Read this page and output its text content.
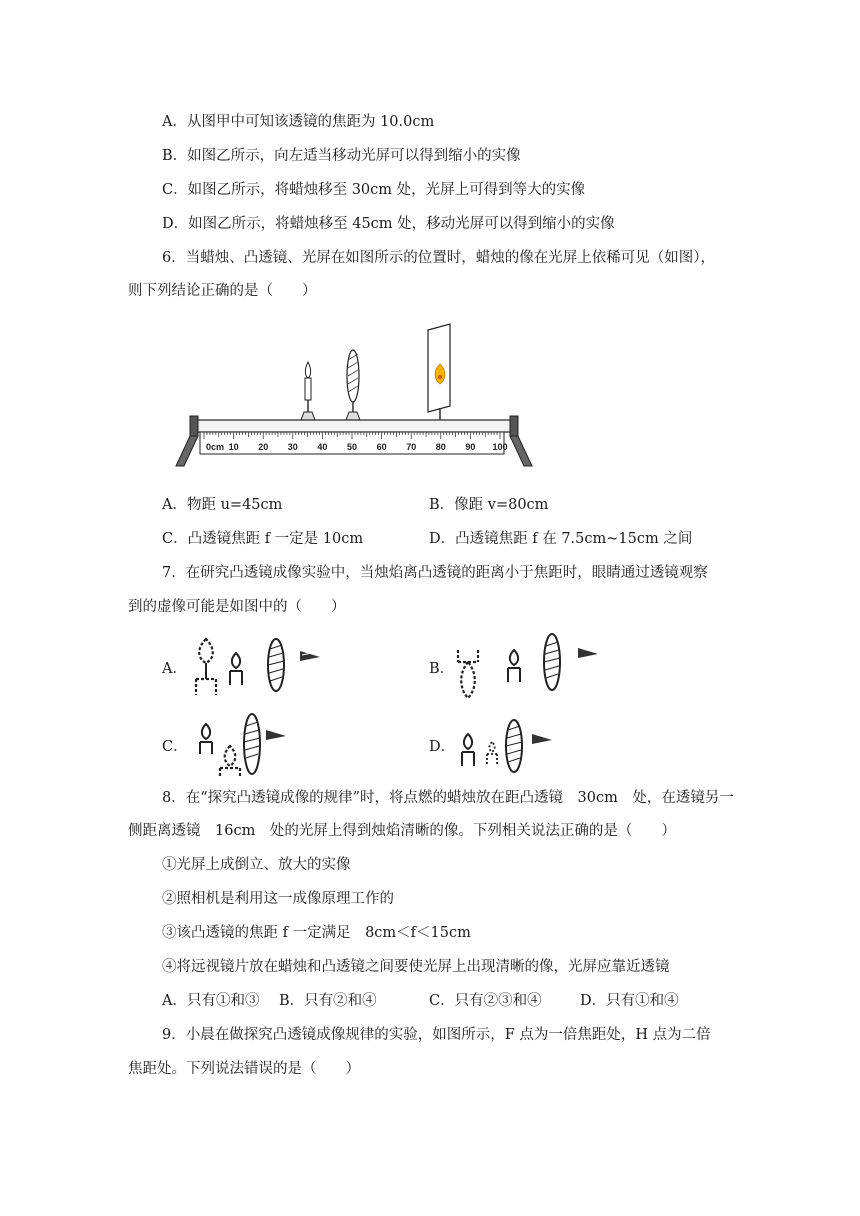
A．从图甲中可知该透镜的焦距为 10.0cm
B．如图乙所示，向左适当移动光屏可以得到缩小的实像
C．如图乙所示，将蜡烛移至 30cm 处，光屏上可得到等大的实像
D．如图乙所示，将蜡烛移至 45cm 处，移动光屏可以得到缩小的实像
6．当蜡烛、凸透镜、光屏在如图所示的位置时，蜡烛的像在光屏上依稀可见（如图），
则下列结论正确的是（　　）
0cm 10 20 30 40 50 60 70 80 90 100
A．物距 u=45cm	B．像距 v=80cm
C．凸透镜焦距 f 一定是 10cm	D．凸透镜焦距 f 在 7.5cm~15cm 之间
7．在研究凸透镜成像实验中，当烛焰离凸透镜的距离小于焦距时，眼睛通过透镜观察
到的虚像可能是如图中的（　　）
A．	B．
C．	D．
8．在“探究凸透镜成像的规律”时，将点燃的蜡烛放在距凸透镜　30cm　处，在透镜另一
侧距离透镜　16cm　处的光屏上得到烛焰清晰的像。下列相关说法正确的是（　　）
①光屏上成倒立、放大的实像
②照相机是利用这一成像原理工作的
③该凸透镜的焦距 f 一定满足　8cm＜f＜15cm
④将远视镜片放在蜡烛和凸透镜之间要使光屏上出现清晰的像，光屏应靠近透镜
A．只有①和③ B．只有②和④	C．只有②③和④	D．只有①和④
9．小晨在做探究凸透镜成像规律的实验，如图所示，F 点为一倍焦距处，H 点为二倍
焦距处。下列说法错误的是（　　）
